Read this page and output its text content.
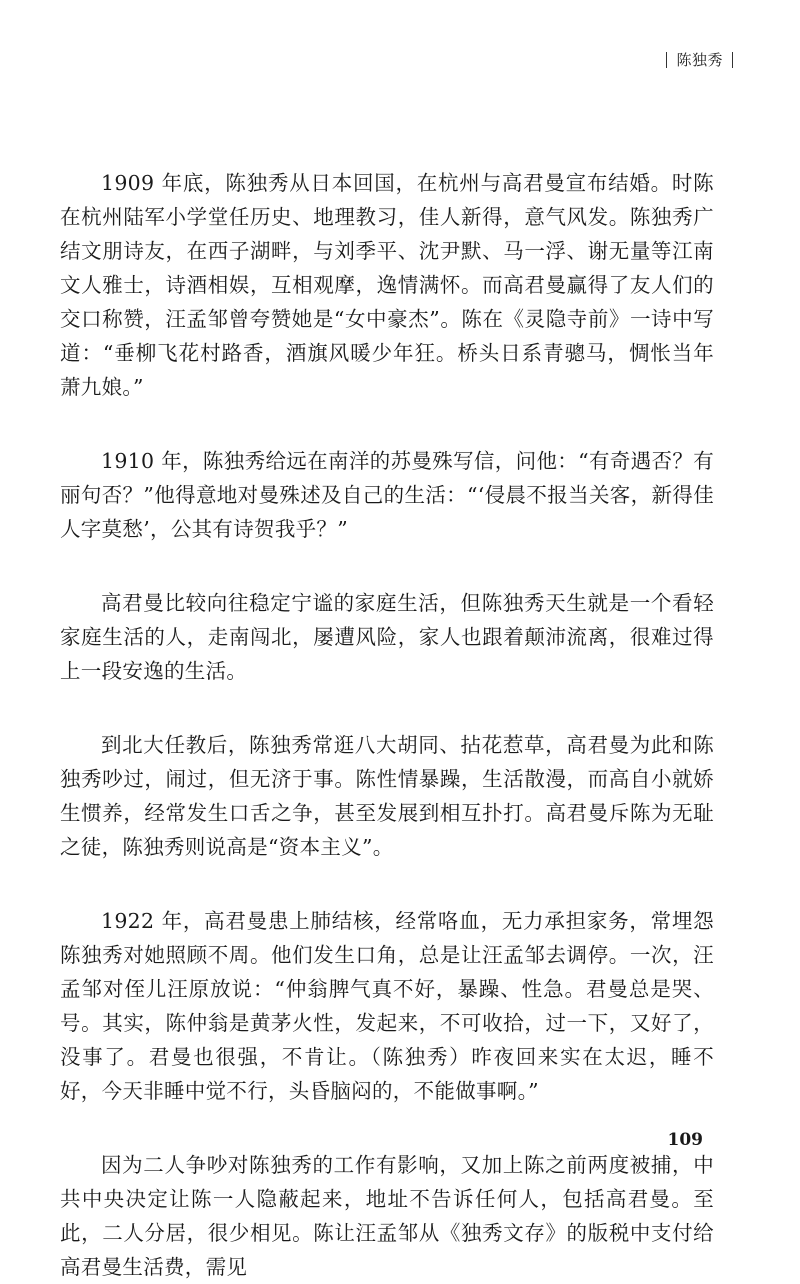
陈独秀

1909 年底，陈独秀从日本回国，在杭州与高君曼宣布结婚。时陈在杭州陆军小学堂任历史、地理教习，佳人新得，意气风发。陈独秀广结文朋诗友，在西子湖畔，与刘季平、沈尹默、马一浮、谢无量等江南文人雅士，诗酒相娱，互相观摩，逸情满怀。而高君曼赢得了友人们的交口称赞，汪孟邹曾夸赞她是“女中豪杰”。陈在《灵隐寺前》一诗中写道：“垂柳飞花村路香，酒旗风暖少年狂。桥头日系青骢马，惆怅当年萧九娘。”

1910 年，陈独秀给远在南洋的苏曼殊写信，问他：“有奇遇否？有丽句否？”他得意地对曼殊述及自己的生活：“‘侵晨不报当关客，新得佳人字莫愁’，公其有诗贺我乎？”

高君曼比较向往稳定宁谧的家庭生活，但陈独秀天生就是一个看轻家庭生活的人，走南闯北，屡遭风险，家人也跟着颠沛流离，很难过得上一段安逸的生活。

到北大任教后，陈独秀常逛八大胡同、拈花惹草，高君曼为此和陈独秀吵过，闹过，但无济于事。陈性情暴躁，生活散漫，而高自小就娇生惯养，经常发生口舌之争，甚至发展到相互扑打。高君曼斥陈为无耻之徒，陈独秀则说高是“资本主义”。

1922 年，高君曼患上肺结核，经常咯血，无力承担家务，常埋怨陈独秀对她照顾不周。他们发生口角，总是让汪孟邹去调停。一次，汪孟邹对侄儿汪原放说：“仲翁脾气真不好，暴躁、性急。君曼总是哭、号。其实，陈仲翁是黄茅火性，发起来，不可收拾，过一下，又好了，没事了。君曼也很强，不肯让。（陈独秀）昨夜回来实在太迟，睡不好，今天非睡中觉不行，头昏脑闷的，不能做事啊。”

因为二人争吵对陈独秀的工作有影响，又加上陈之前两度被捕，中共中央决定让陈一人隐蔽起来，地址不告诉任何人，包括高君曼。至此，二人分居，很少相见。陈让汪孟邹从《独秀文存》的版税中支付给高君曼生活费，需见

109
